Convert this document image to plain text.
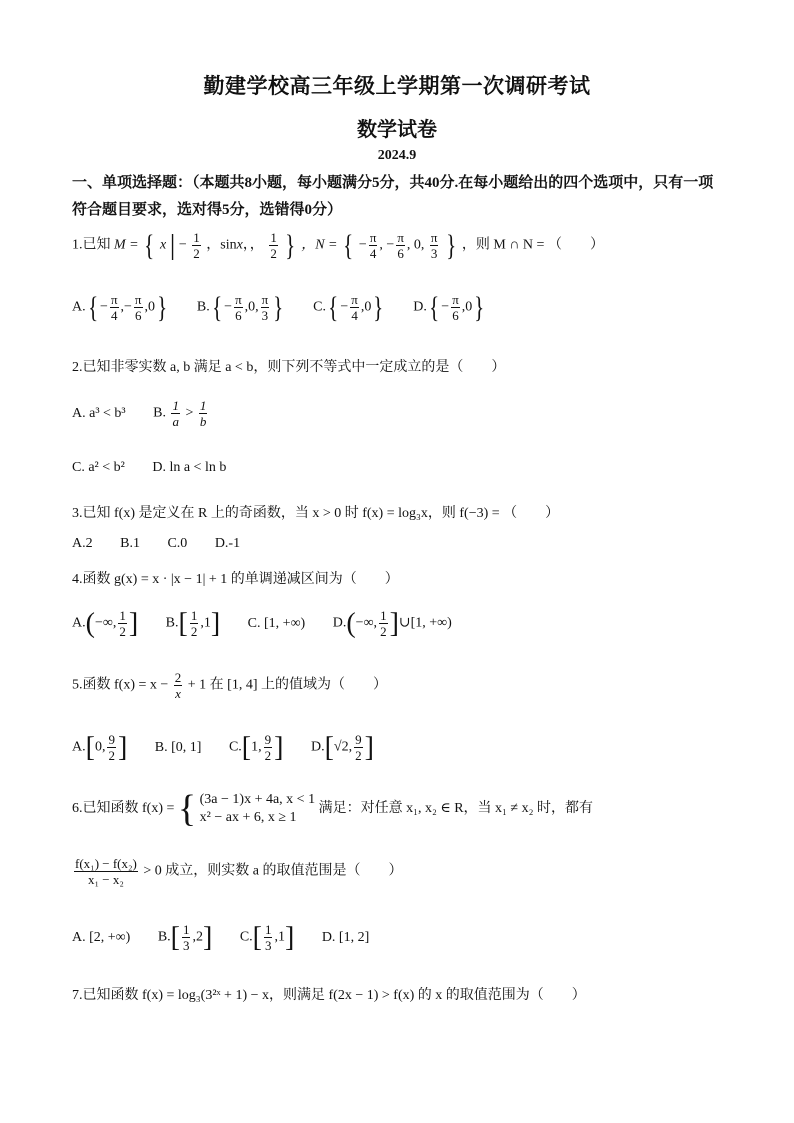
勤建学校高三年级上学期第一次调研考试
数学试卷
2024.9
一、单项选择题：（本题共8小题，每小题满分5分，共40分.在每小题给出的四个选项中，只有一项符合题目要求，选对得5分，选错得0分）
1.已知 M = { x | − $\frac{1}{2}$ ，sinx，， $\frac{1}{2}$ } ，N = { − $\frac{\pi}{4}$ , − $\frac{\pi}{6}$ , 0, $\frac{\pi}{3}$ } ，则 M ∩ N = （　　）
$A.\{ - \frac{\pi}{4}$ ,− $\frac{\pi}{6} ,0$} $B.\{ - \frac{\pi}{6} ,0$, $\frac{\pi}{3}$ } $C.\{ - \frac{\pi}{4} ,0\}$ $D.\{ - \frac{\pi}{6} ,0\}$
2.已知非零实数 a, b 满足 a < b，则下列不等式中一定成立的是（　　）
A. a³ < b³ B. $\frac{1}{a} > \frac{1}{b}$
C. a² < b² D. ln a < ln b
3.已知 f(x) 是定义在 R 上的奇函数，当 x > 0 时 f(x) = log₃x，则 f(−3) = （　　）
A.2 B.1 C.0 D.-1
4.函数 g(x) = x · |x − 1| + 1 的单调递减区间为（　　）
A.(−∞, $\frac{1}{2}$ ] $B.[ \frac{1}{2} ,1]$ C. [1, +∞) D.(−∞, $\frac{1}{2}$ ]∪[1, +∞)
5.函数 $f(x) = x - \frac{2}{x} + 1$ 在 [1, 4] 上的值域为（　　）
A.[0, $\frac{9}{2}$ ] B. [0, 1] C.[1, $\frac{9}{2}$ ] D.[√2, $\frac{9}{2}$ ]
6.已知函数 f(x) = { (3a − 1)x + 4a, x < 1
x² − ax + 6, x ≥ 1
满足：对任意 x₁, x₂ ∈ R，当 x₁ ≠ x₂ 时，都有
$\frac{\text{f(x₁) − f(x₂)}}{\text{x₁ − x₂}} > 0$ 成立，则实数 a 的取值范围是（　　）
A. [2, +∞) $B.[ \frac{1}{3} ,2]$ $C.[ \frac{1}{3} ,1]$ D. [1, 2]
7.已知函数 f(x) = log₃(3²ˣ + 1) − x，则满足 f(2x − 1) > f(x) 的 x 的取值范围为（　　）
